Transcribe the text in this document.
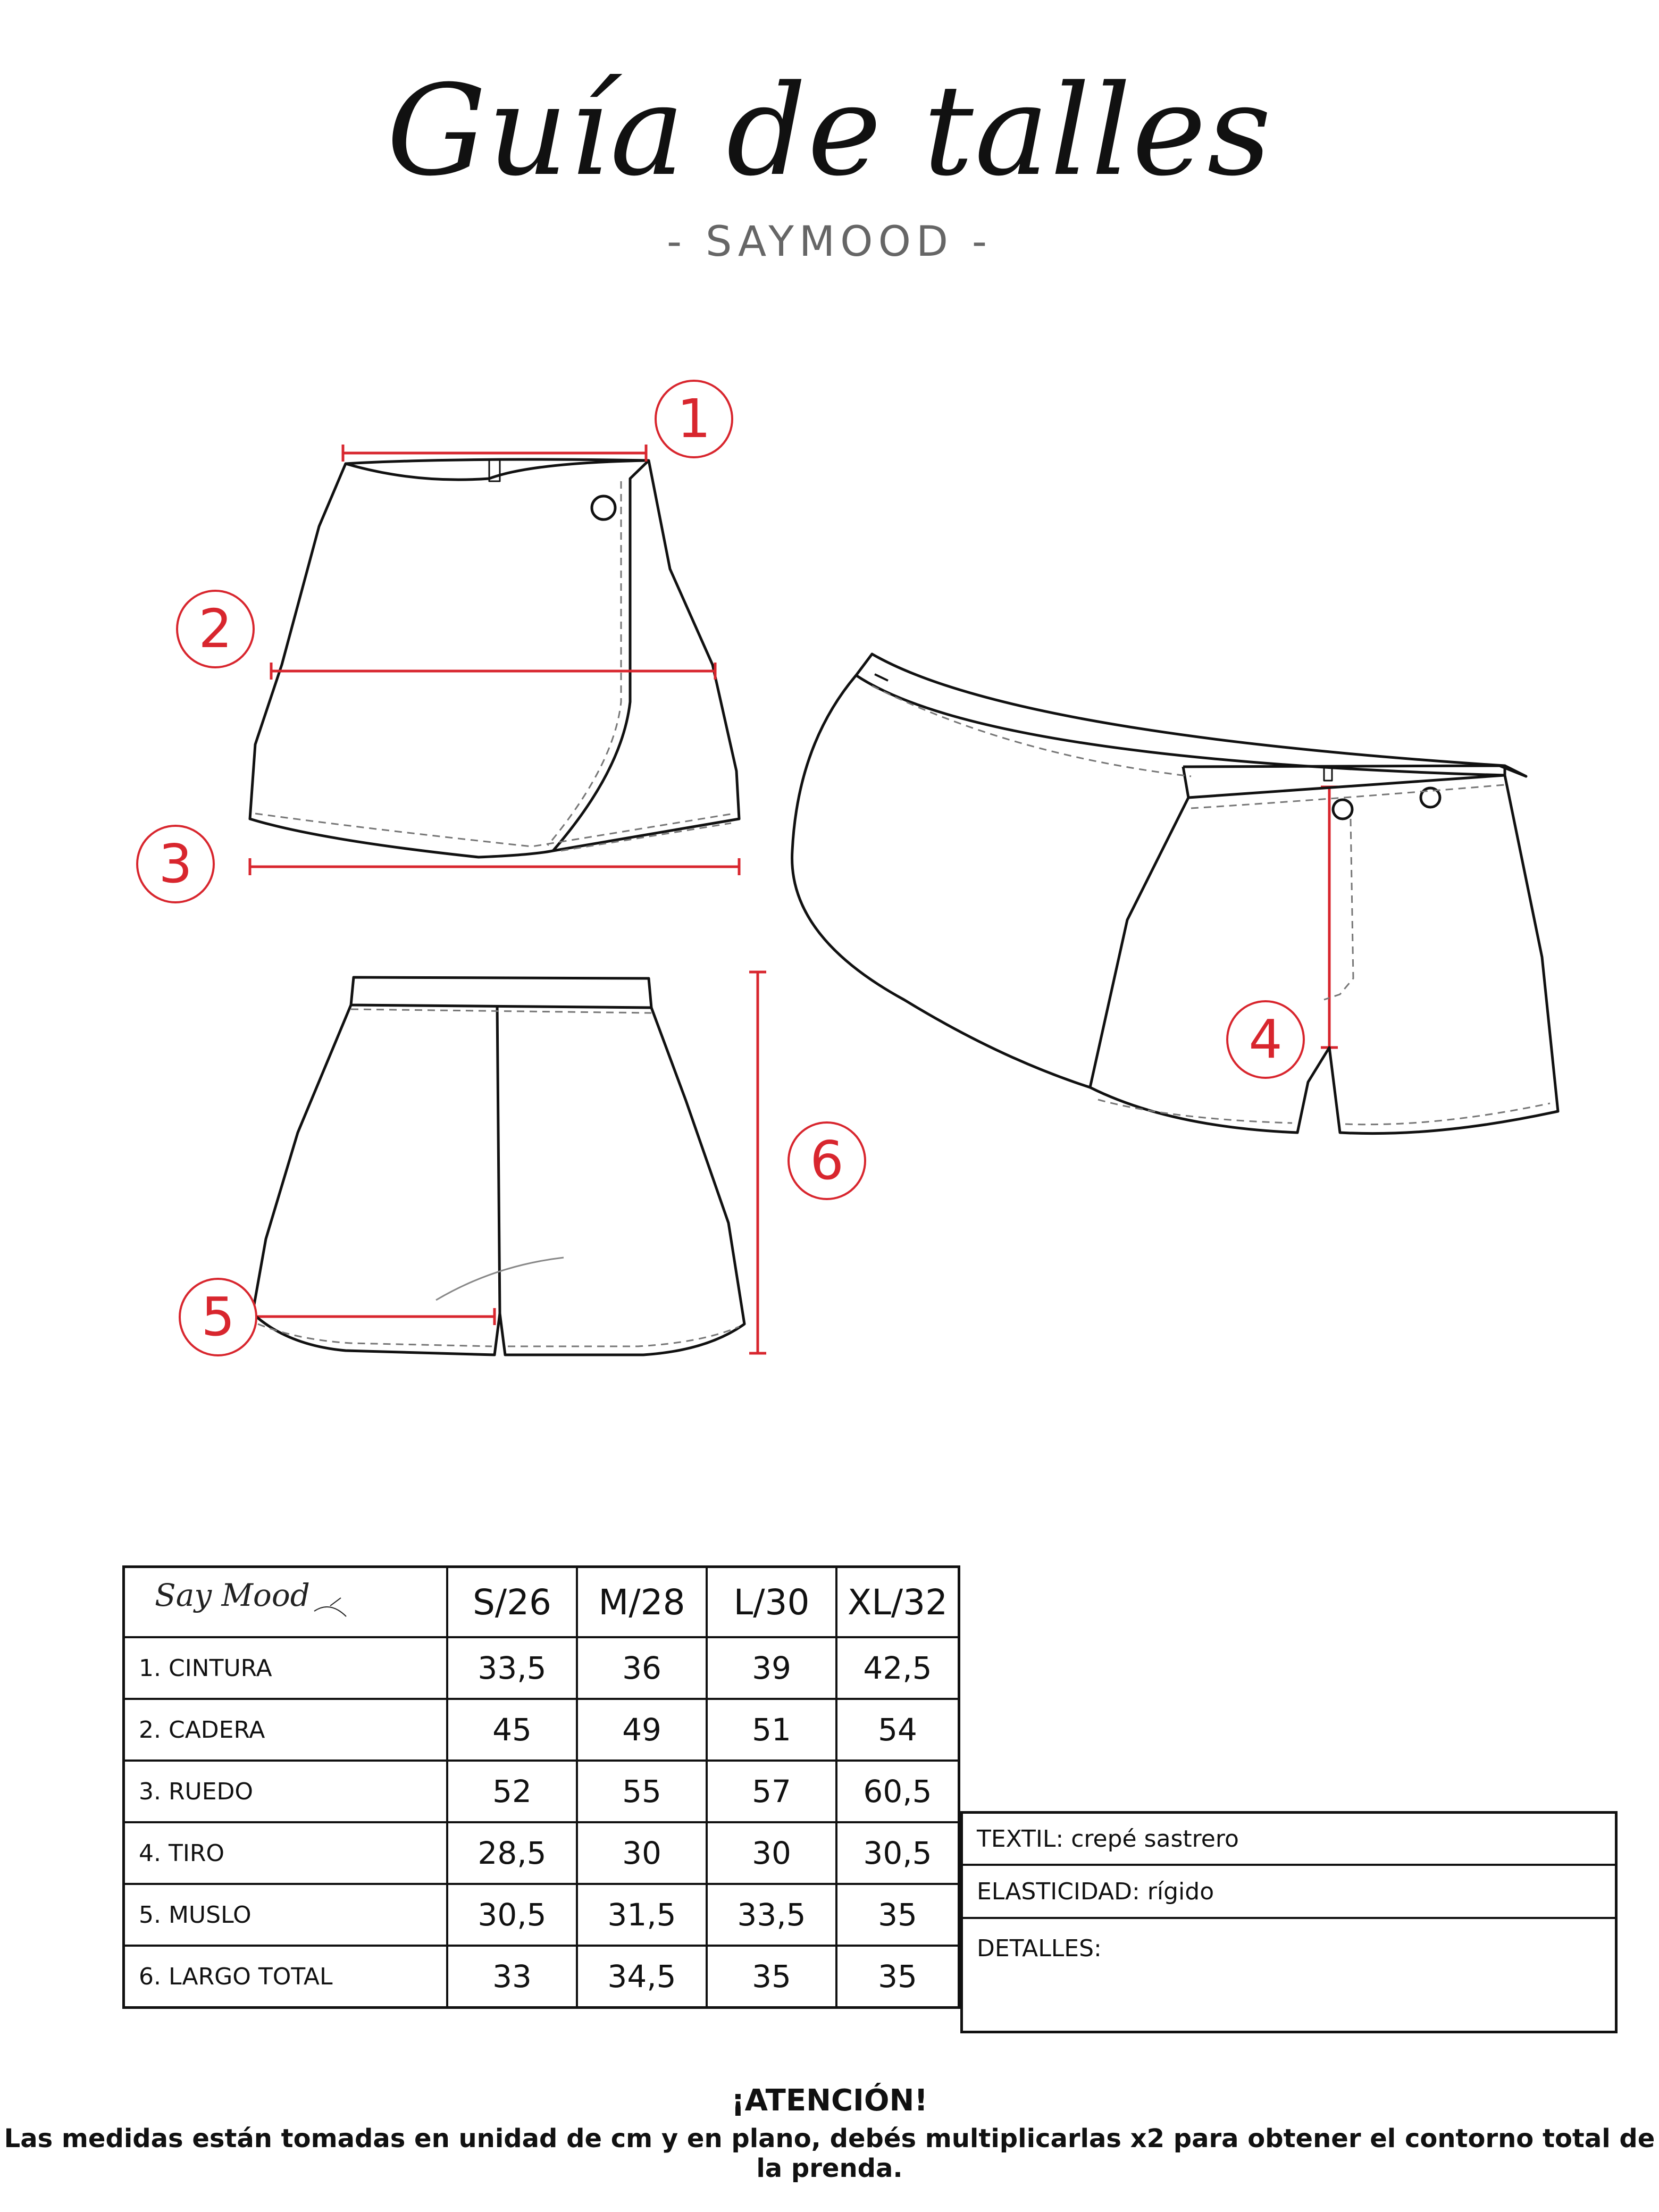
Guía de talles
- SAYMOOD -
1
2
3
4
5
6
Say Mood	S/26	M/28	L/30	XL/32
1. CINTURA	33,5	36	39	42,5
2. CADERA	45	49	51	54
3. RUEDO	52	55	57	60,5
4. TIRO	28,5	30	30	30,5
5. MUSLO	30,5	31,5	33,5	35
6. LARGO TOTAL	33	34,5	35	35
TEXTIL: crepé sastrero
ELASTICIDAD: rígido
DETALLES:
¡ATENCIÓN!
Las medidas están tomadas en unidad de cm y en plano, debés multiplicarlas x2 para obtener el contorno total de la prenda.
